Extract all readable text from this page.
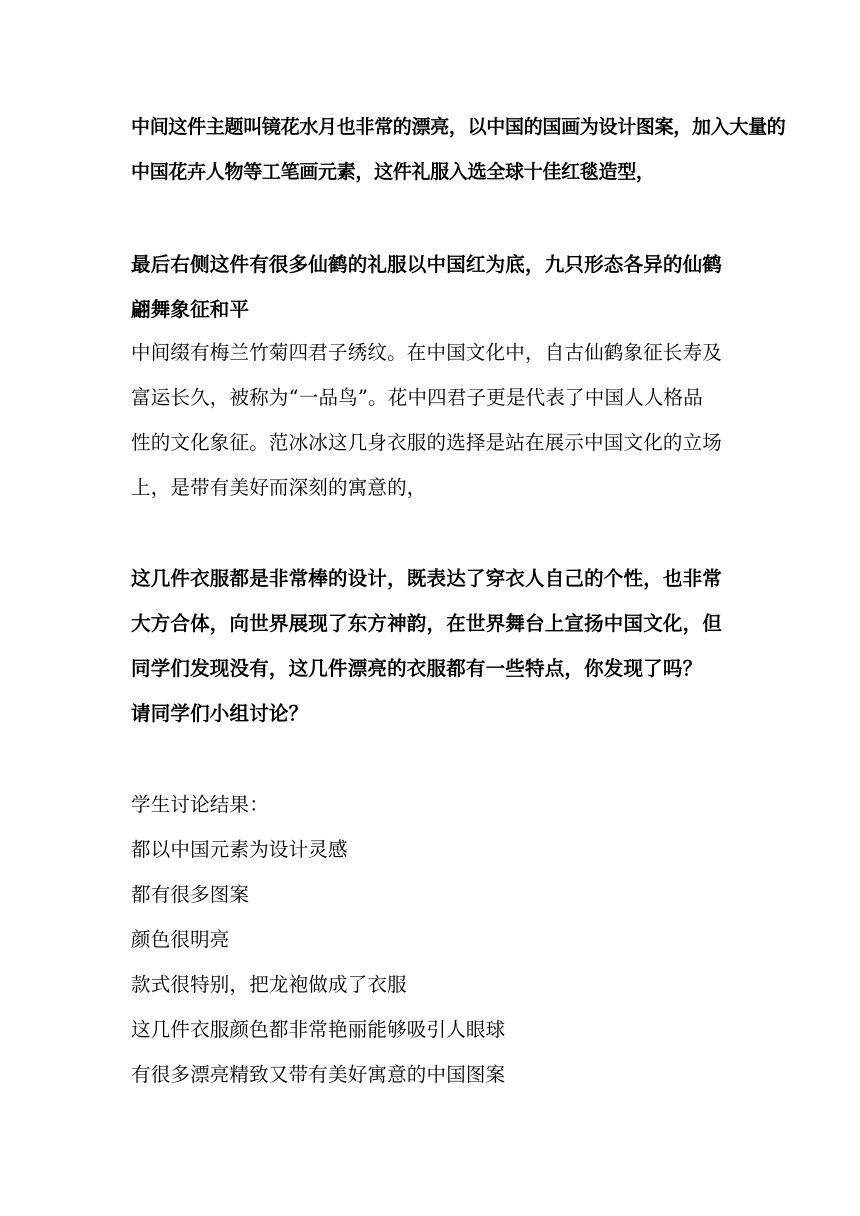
中间这件主题叫镜花水月也非常的漂亮，以中国的国画为设计图案，加入大量的
中国花卉人物等工笔画元素，这件礼服入选全球十佳红毯造型，
最后右侧这件有很多仙鹤的礼服以中国红为底，九只形态各异的仙鹤
翩舞象征和平
中间缀有梅兰竹菊四君子绣纹。在中国文化中，自古仙鹤象征长寿及
富运长久，被称为“一品鸟”。花中四君子更是代表了中国人人格品
性的文化象征。范冰冰这几身衣服的选择是站在展示中国文化的立场
上，是带有美好而深刻的寓意的，
这几件衣服都是非常棒的设计，既表达了穿衣人自己的个性，也非常
大方合体，向世界展现了东方神韵，在世界舞台上宣扬中国文化，但
同学们发现没有，这几件漂亮的衣服都有一些特点，你发现了吗？
请同学们小组讨论？
学生讨论结果：
都以中国元素为设计灵感
都有很多图案
颜色很明亮
款式很特别，把龙袍做成了衣服
这几件衣服颜色都非常艳丽能够吸引人眼球
有很多漂亮精致又带有美好寓意的中国图案
